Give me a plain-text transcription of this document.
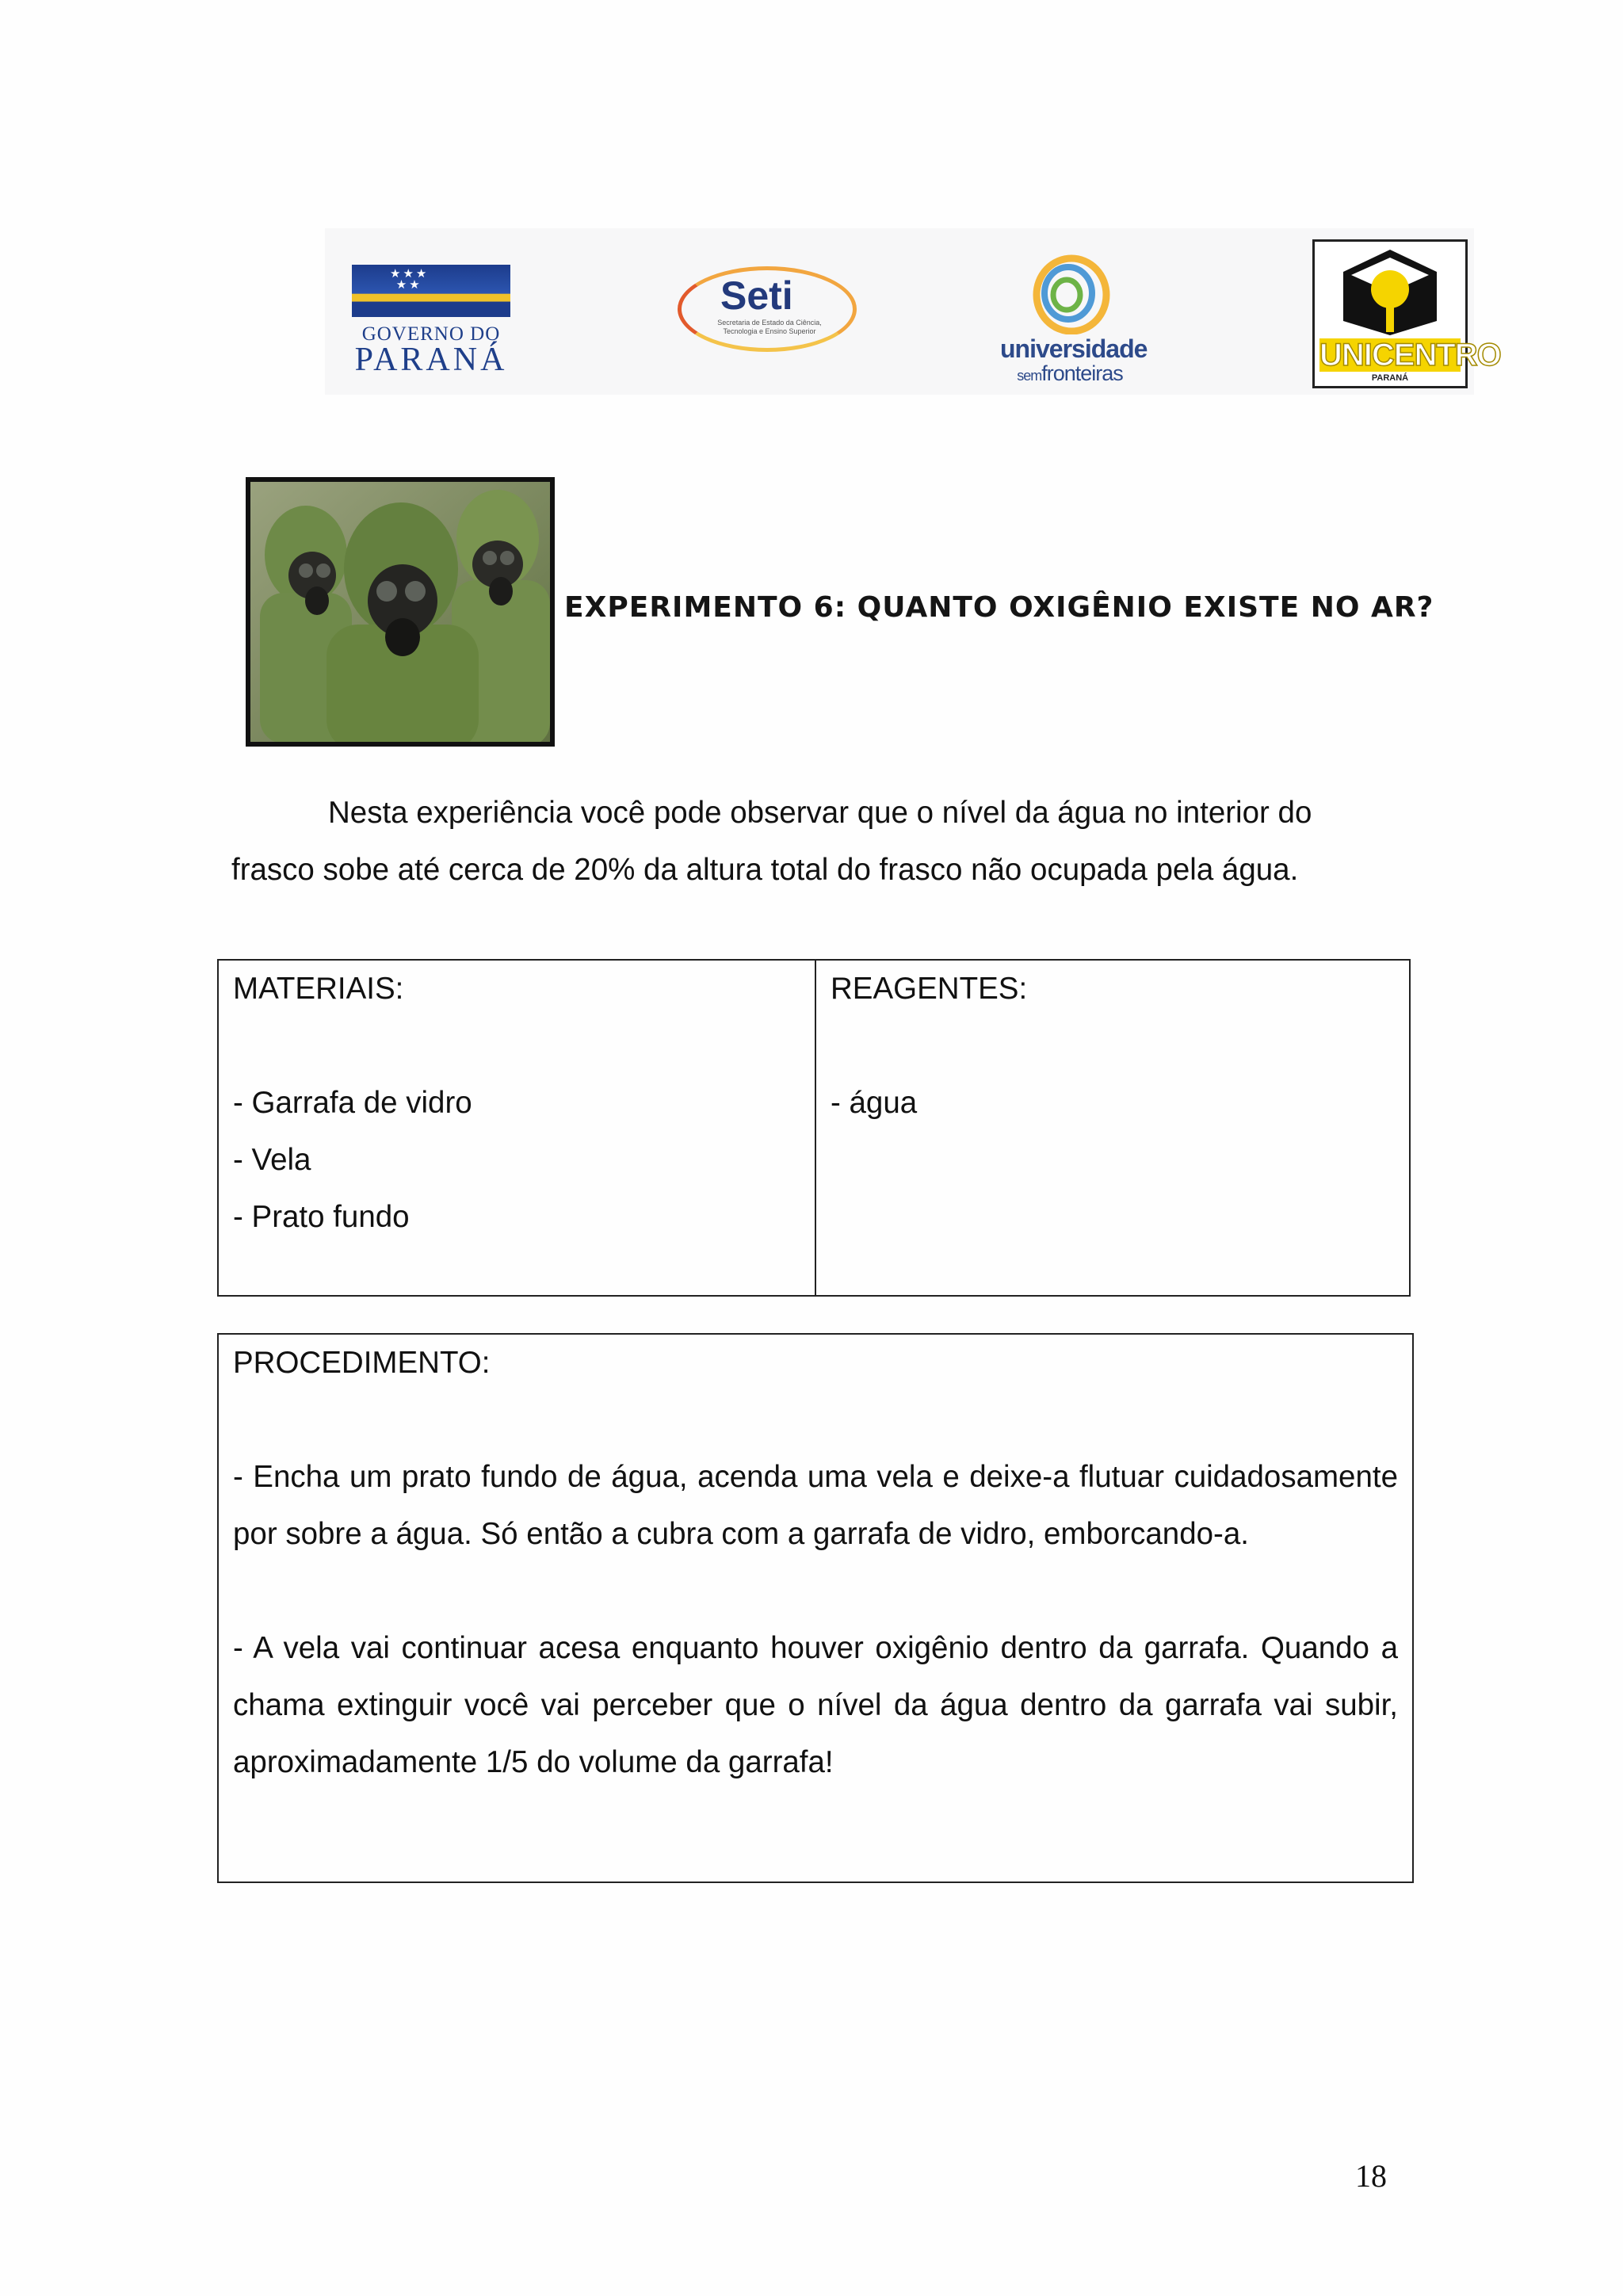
★★★
★★
GOVERNO DO
PARANÁ
Seti
Secretaria de Estado da Ciência, Tecnologia e Ensino Superior
universidade
semfronteiras
UNICENTRO
PARANÁ
EXPERIMENTO 6: QUANTO OXIGÊNIO EXISTE NO AR?
Nesta experiência você pode observar que o nível da água no interior do frasco sobe até cerca de 20% da altura total do frasco não ocupada pela água.
MATERIAIS:
- Garrafa de vidro
- Vela
- Prato fundo
REAGENTES:
- água

PROCEDIMENTO:

- Encha um prato fundo de água, acenda uma vela e deixe-a flutuar cuidadosamente por sobre a água. Só então a cubra com a garrafa de vidro, emborcando-a.

- A vela vai continuar acesa enquanto houver oxigênio dentro da garrafa. Quando a chama extinguir você vai perceber que o nível da água dentro da garrafa vai subir, aproximadamente 1/5 do volume da garrafa!

18
